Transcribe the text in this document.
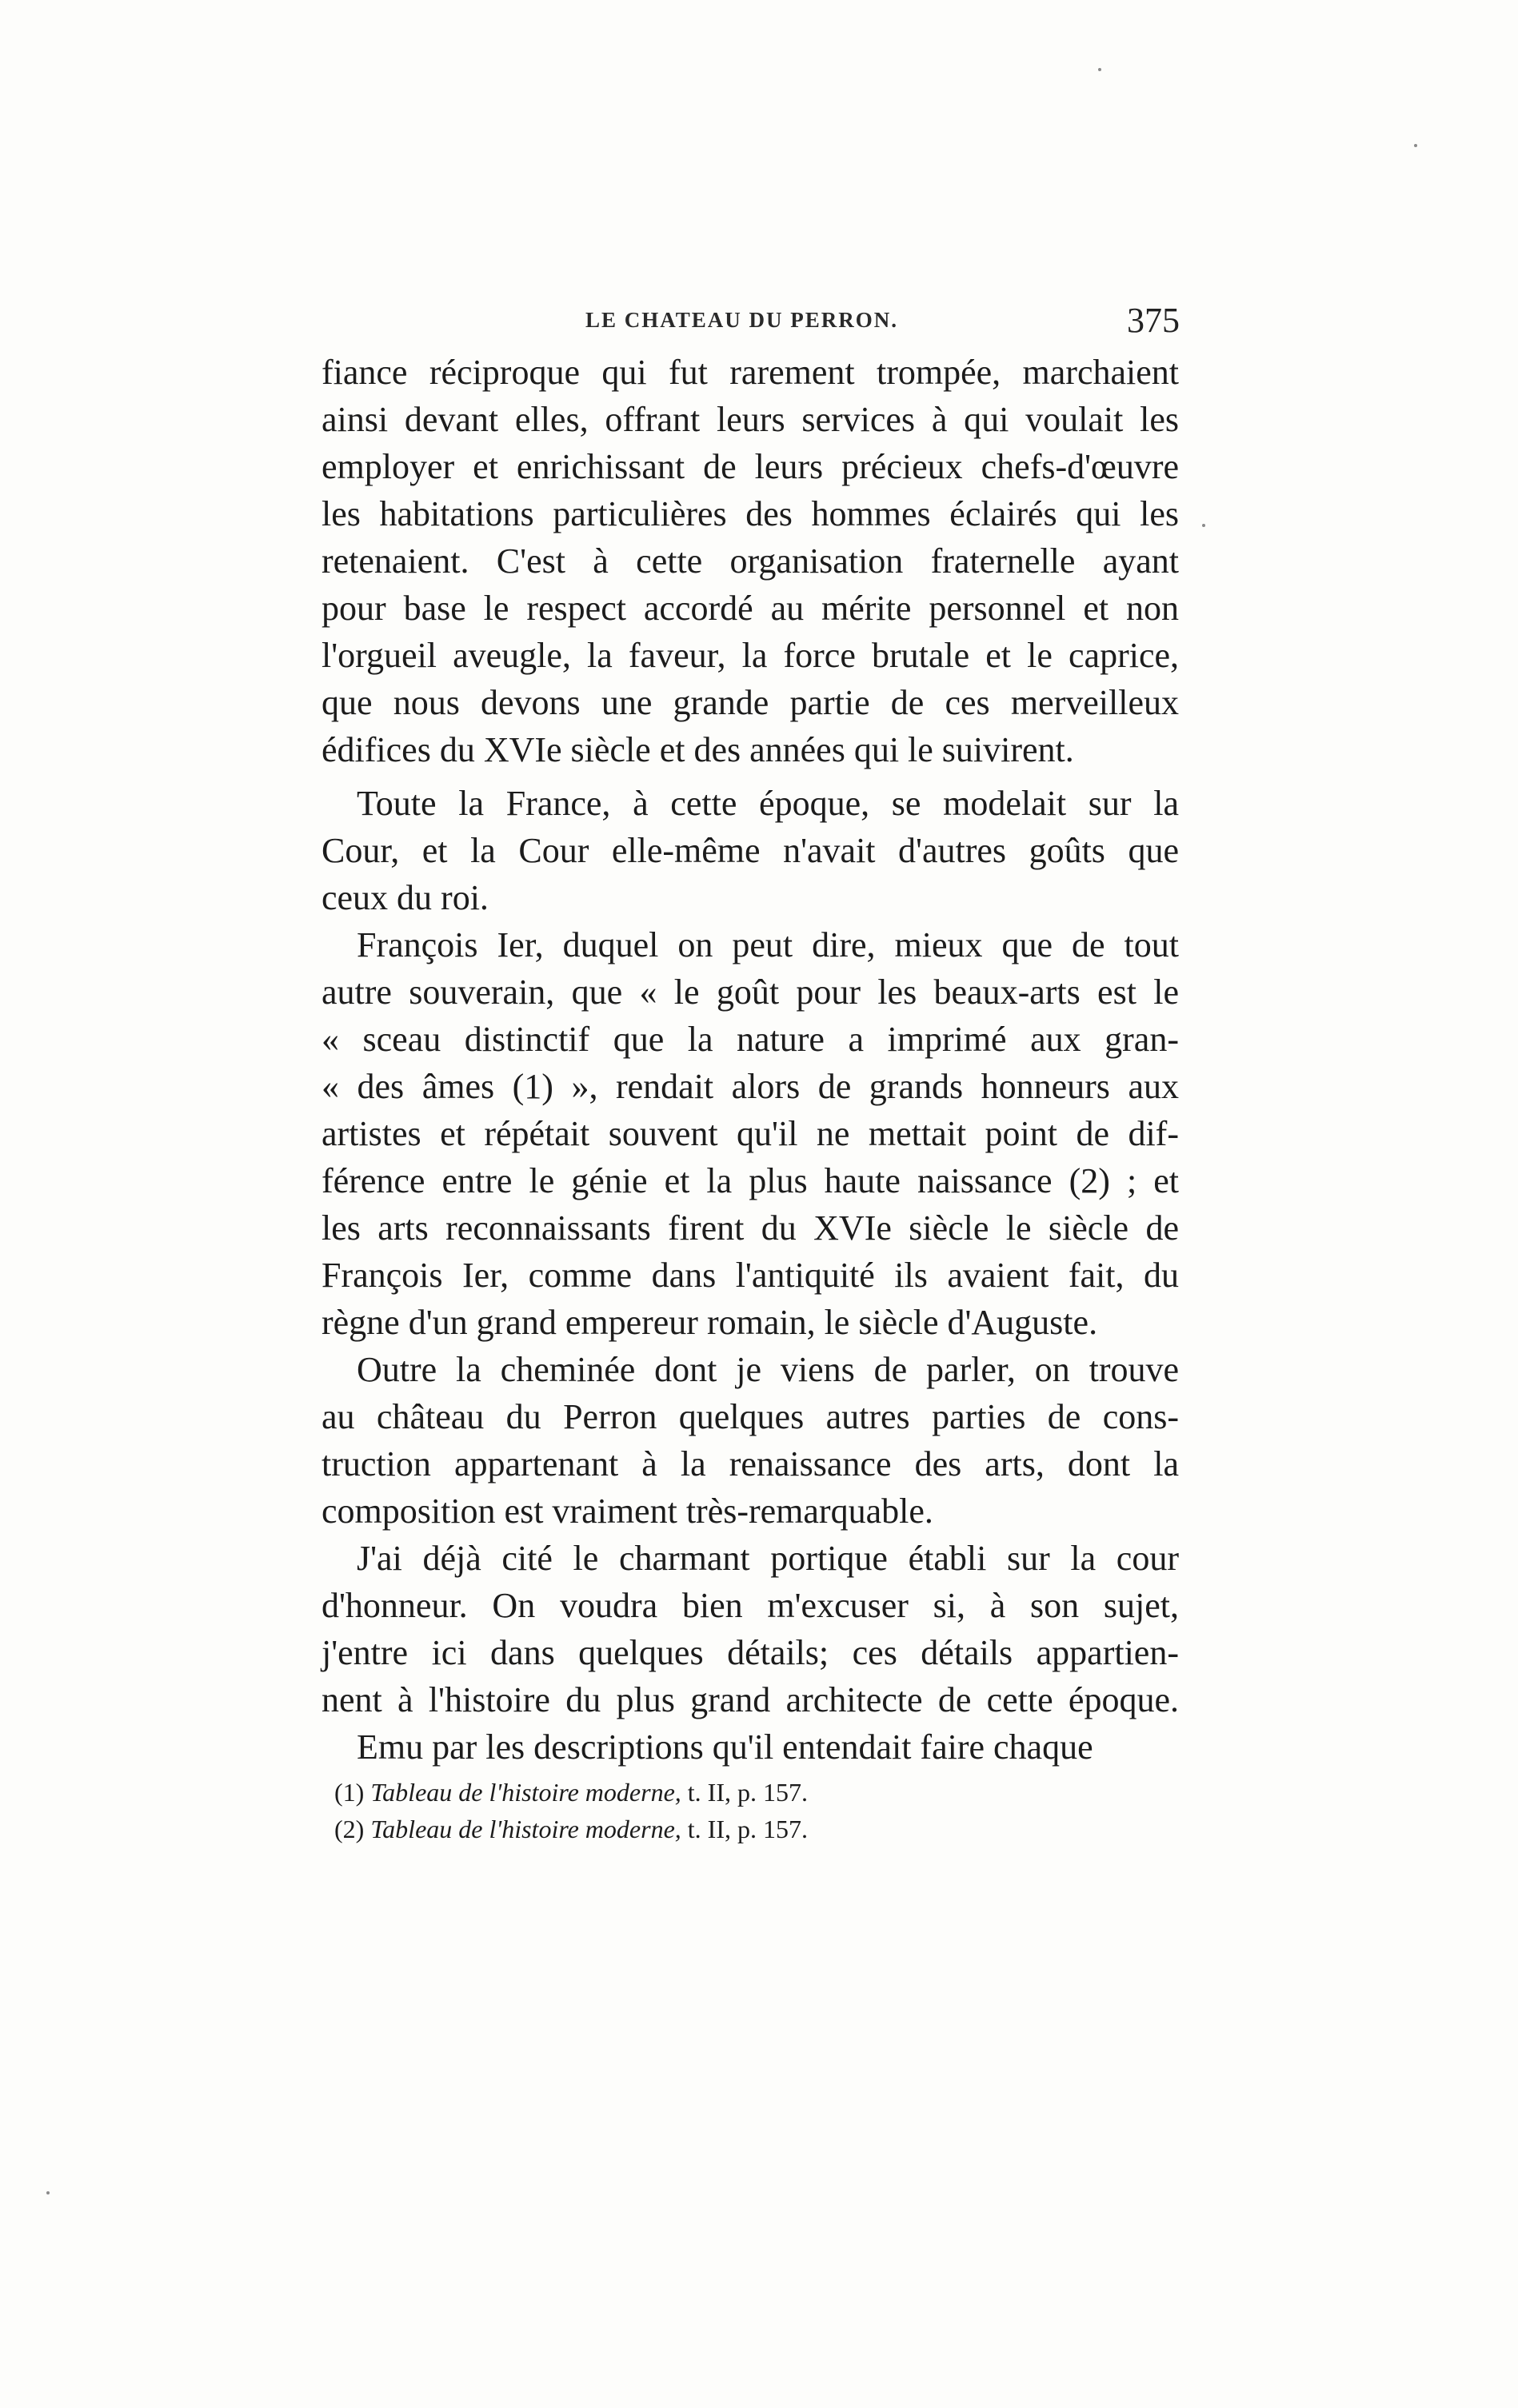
LE CHATEAU DU PERRON.	375
fiance réciproque qui fut rarement trompée, marchaient
ainsi devant elles, offrant leurs services à qui voulait les
employer et enrichissant de leurs précieux chefs-d'œuvre
les habitations particulières des hommes éclairés qui les
retenaient. C'est à cette organisation fraternelle ayant
pour base le respect accordé au mérite personnel et non
l'orgueil aveugle, la faveur, la force brutale et le caprice,
que nous devons une grande partie de ces merveilleux
édifices du XVIe siècle et des années qui le suivirent.
Toute la France, à cette époque, se modelait sur la
Cour, et la Cour elle-même n'avait d'autres goûts que
ceux du roi.
François Ier, duquel on peut dire, mieux que de tout
autre souverain, que « le goût pour les beaux-arts est le
« sceau distinctif que la nature a imprimé aux gran-
« des âmes (1) », rendait alors de grands honneurs aux
artistes et répétait souvent qu'il ne mettait point de dif-
férence entre le génie et la plus haute naissance (2) ; et
les arts reconnaissants firent du XVIe siècle le siècle de
François Ier, comme dans l'antiquité ils avaient fait, du
règne d'un grand empereur romain, le siècle d'Auguste.
Outre la cheminée dont je viens de parler, on trouve
au château du Perron quelques autres parties de cons-
truction appartenant à la renaissance des arts, dont la
composition est vraiment très-remarquable.
J'ai déjà cité le charmant portique établi sur la cour
d'honneur. On voudra bien m'excuser si, à son sujet,
j'entre ici dans quelques détails; ces détails appartien-
nent à l'histoire du plus grand architecte de cette époque.
Emu par les descriptions qu'il entendait faire chaque
(1) Tableau de l'histoire moderne, t. II, p. 157.
(2) Tableau de l'histoire moderne, t. II, p. 157.
